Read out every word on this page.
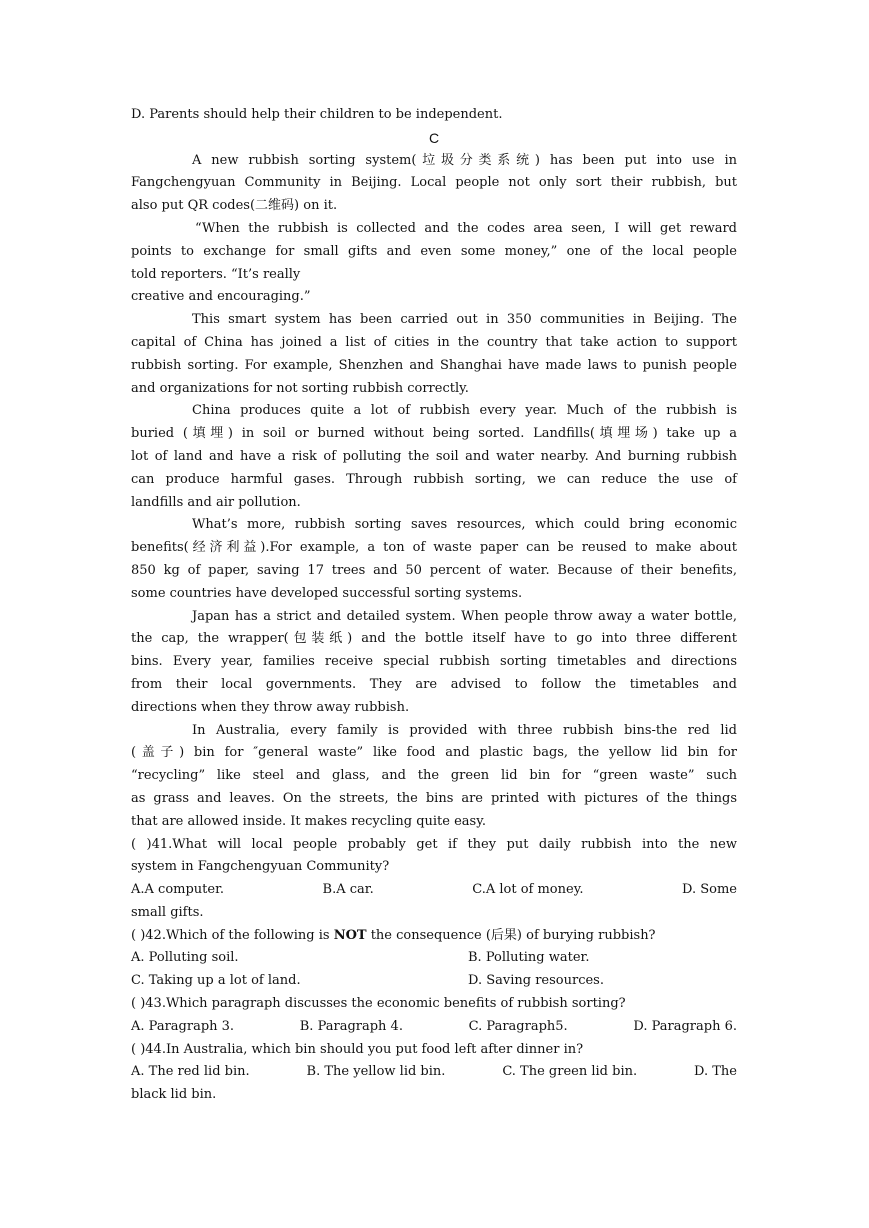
D. Parents should help their children to be independent.
C
A new rubbish sorting system(垃圾分类系统) has been put into use in
Fangchengyuan Community in Beijing. Local people not only sort their rubbish, but
also put QR codes(二维码) on it.
“When the rubbish is collected and the codes area seen, I will get reward
points to exchange for small gifts and even some money,” one of the local people
told reporters. “It’s really
creative and encouraging.”
This smart system has been carried out in 350 communities in Beijing. The
capital of China has joined a list of cities in the country that take action to support
rubbish sorting. For example, Shenzhen and Shanghai have made laws to punish people
and organizations for not sorting rubbish correctly.
China produces quite a lot of rubbish every year. Much of the rubbish is
buried (填埋) in soil or burned without being sorted. Landfills(填埋场) take up a
lot of land and have a risk of polluting the soil and water nearby. And burning rubbish
can produce harmful gases. Through rubbish sorting, we can reduce the use of
landfills and air pollution.
What’s more, rubbish sorting saves resources, which could bring economic
benefits(经济利益).For example, a ton of waste paper can be reused to make about
850 kg of paper, saving 17 trees and 50 percent of water. Because of their benefits,
some countries have developed successful sorting systems.
Japan has a strict and detailed system. When people throw away a water bottle,
the cap, the wrapper(包装纸) and the bottle itself have to go into three different
bins. Every year, families receive special rubbish sorting timetables and directions
from their local governments. They are advised to follow the timetables and
directions when they throw away rubbish.
In Australia, every family is provided with three rubbish bins-the red lid
(盖子) bin for ″general waste” like food and plastic bags, the yellow lid bin for
“recycling” like steel and glass, and the green lid bin for “green waste” such
as grass and leaves. On the streets, the bins are printed with pictures of the things
that are allowed inside. It makes recycling quite easy.
( )41.What will local people probably get if they put daily rubbish into the new
system in Fangchengyuan Community?
A.A computer.	B.A car.	C.A lot of money.	D. Some
small gifts.
( )42.Which of the following is NOT the consequence (后果) of burying rubbish?
A. Polluting soil.	B. Polluting water.
C. Taking up a lot of land.	D. Saving resources.
( )43.Which paragraph discusses the economic benefits of rubbish sorting?
A. Paragraph 3.	B. Paragraph 4.	C. Paragraph5.	D. Paragraph 6.
( )44.In Australia, which bin should you put food left after dinner in?
A. The red lid bin.	B. The yellow lid bin.	C. The green lid bin.	D. The
black lid bin.
